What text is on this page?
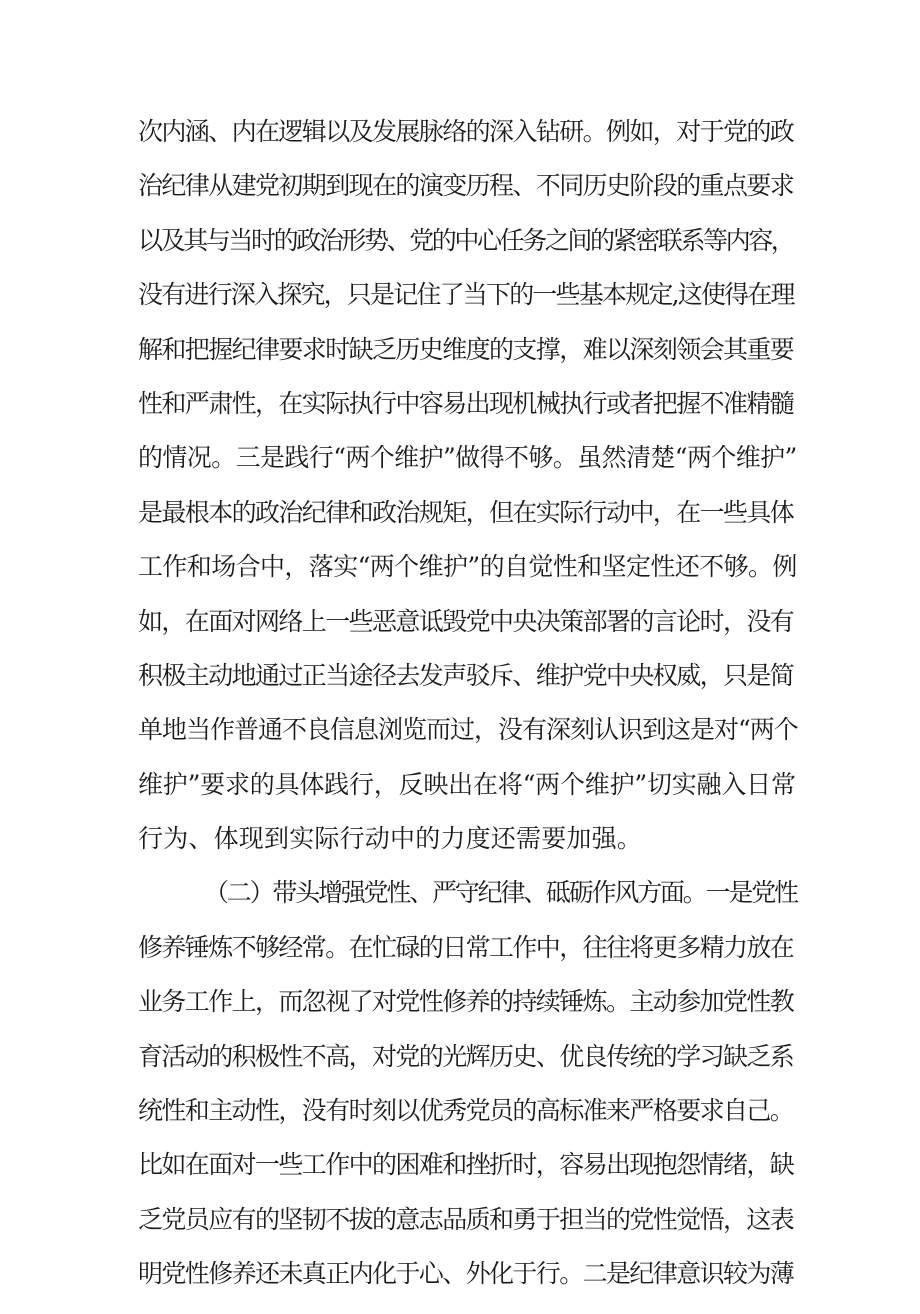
次内涵、内在逻辑以及发展脉络的深入钻研。例如，对于党的政
治纪律从建党初期到现在的演变历程、不同历史阶段的重点要求
以及其与当时的政治形势、党的中心任务之间的紧密联系等内容，
没有进行深入探究，只是记住了当下的一些基本规定,这使得在理
解和把握纪律要求时缺乏历史维度的支撑，难以深刻领会其重要
性和严肃性，在实际执行中容易出现机械执行或者把握不准精髓
的情况。三是践行“两个维护”做得不够。虽然清楚“两个维护”
是最根本的政治纪律和政治规矩，但在实际行动中，在一些具体
工作和场合中，落实“两个维护”的自觉性和坚定性还不够。例
如，在面对网络上一些恶意诋毁党中央决策部署的言论时，没有
积极主动地通过正当途径去发声驳斥、维护党中央权威，只是简
单地当作普通不良信息浏览而过，没有深刻认识到这是对“两个
维护”要求的具体践行，反映出在将“两个维护”切实融入日常
行为、体现到实际行动中的力度还需要加强。
（二）带头增强党性、严守纪律、砥砺作风方面。一是党性
修养锤炼不够经常。在忙碌的日常工作中，往往将更多精力放在
业务工作上，而忽视了对党性修养的持续锤炼。主动参加党性教
育活动的积极性不高，对党的光辉历史、优良传统的学习缺乏系
统性和主动性，没有时刻以优秀党员的高标准来严格要求自己。
比如在面对一些工作中的困难和挫折时，容易出现抱怨情绪，缺
乏党员应有的坚韧不拔的意志品质和勇于担当的党性觉悟，这表
明党性修养还未真正内化于心、外化于行。二是纪律意识较为薄
